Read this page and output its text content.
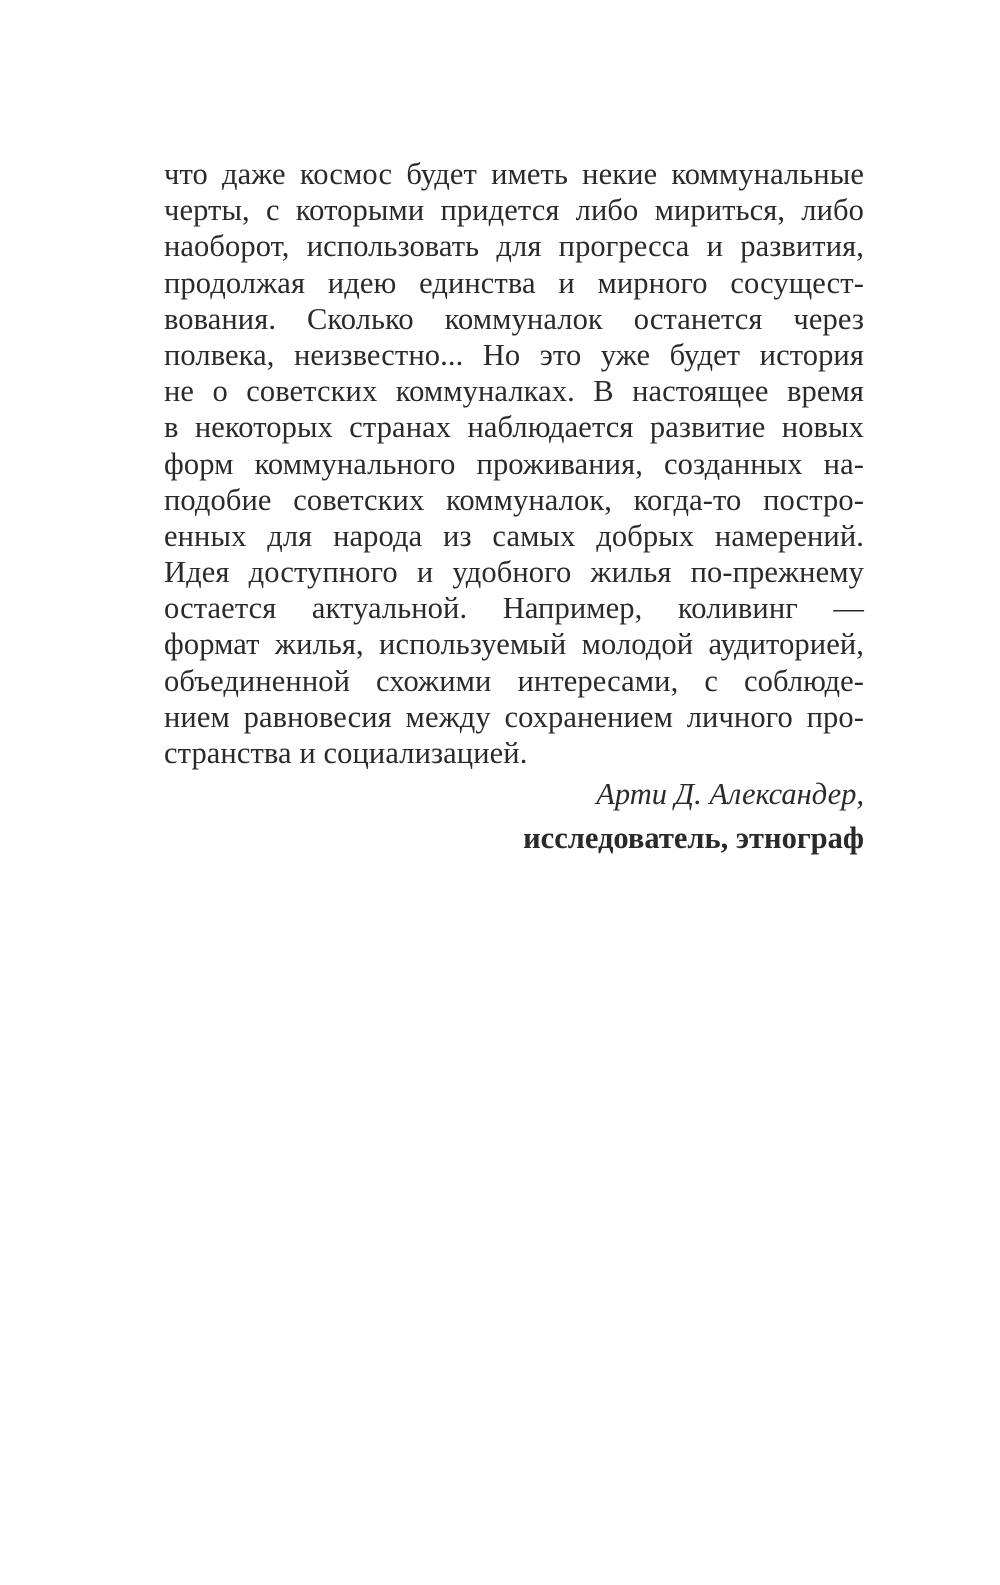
что даже космос будет иметь некие коммунальные
черты, с которыми придется либо мириться, либо
наоборот, использовать для прогресса и развития,
продолжая идею единства и мирного сосущест-
вования. Сколько коммуналок останется через
полвека, неизвестно... Но это уже будет история
не о советских коммуналках. В настоящее время
в некоторых странах наблюдается развитие новых
форм коммунального проживания, созданных на-
подобие советских коммуналок, когда-то постро-
енных для народа из самых добрых намерений.
Идея доступного и удобного жилья по-прежнему
остается актуальной. Например, коливинг —
формат жилья, используемый молодой аудиторией,
объединенной схожими интересами, с соблюде-
нием равновесия между сохранением личного про-
странства и социализацией.
Арти Д. Александер,
исследователь, этнограф
